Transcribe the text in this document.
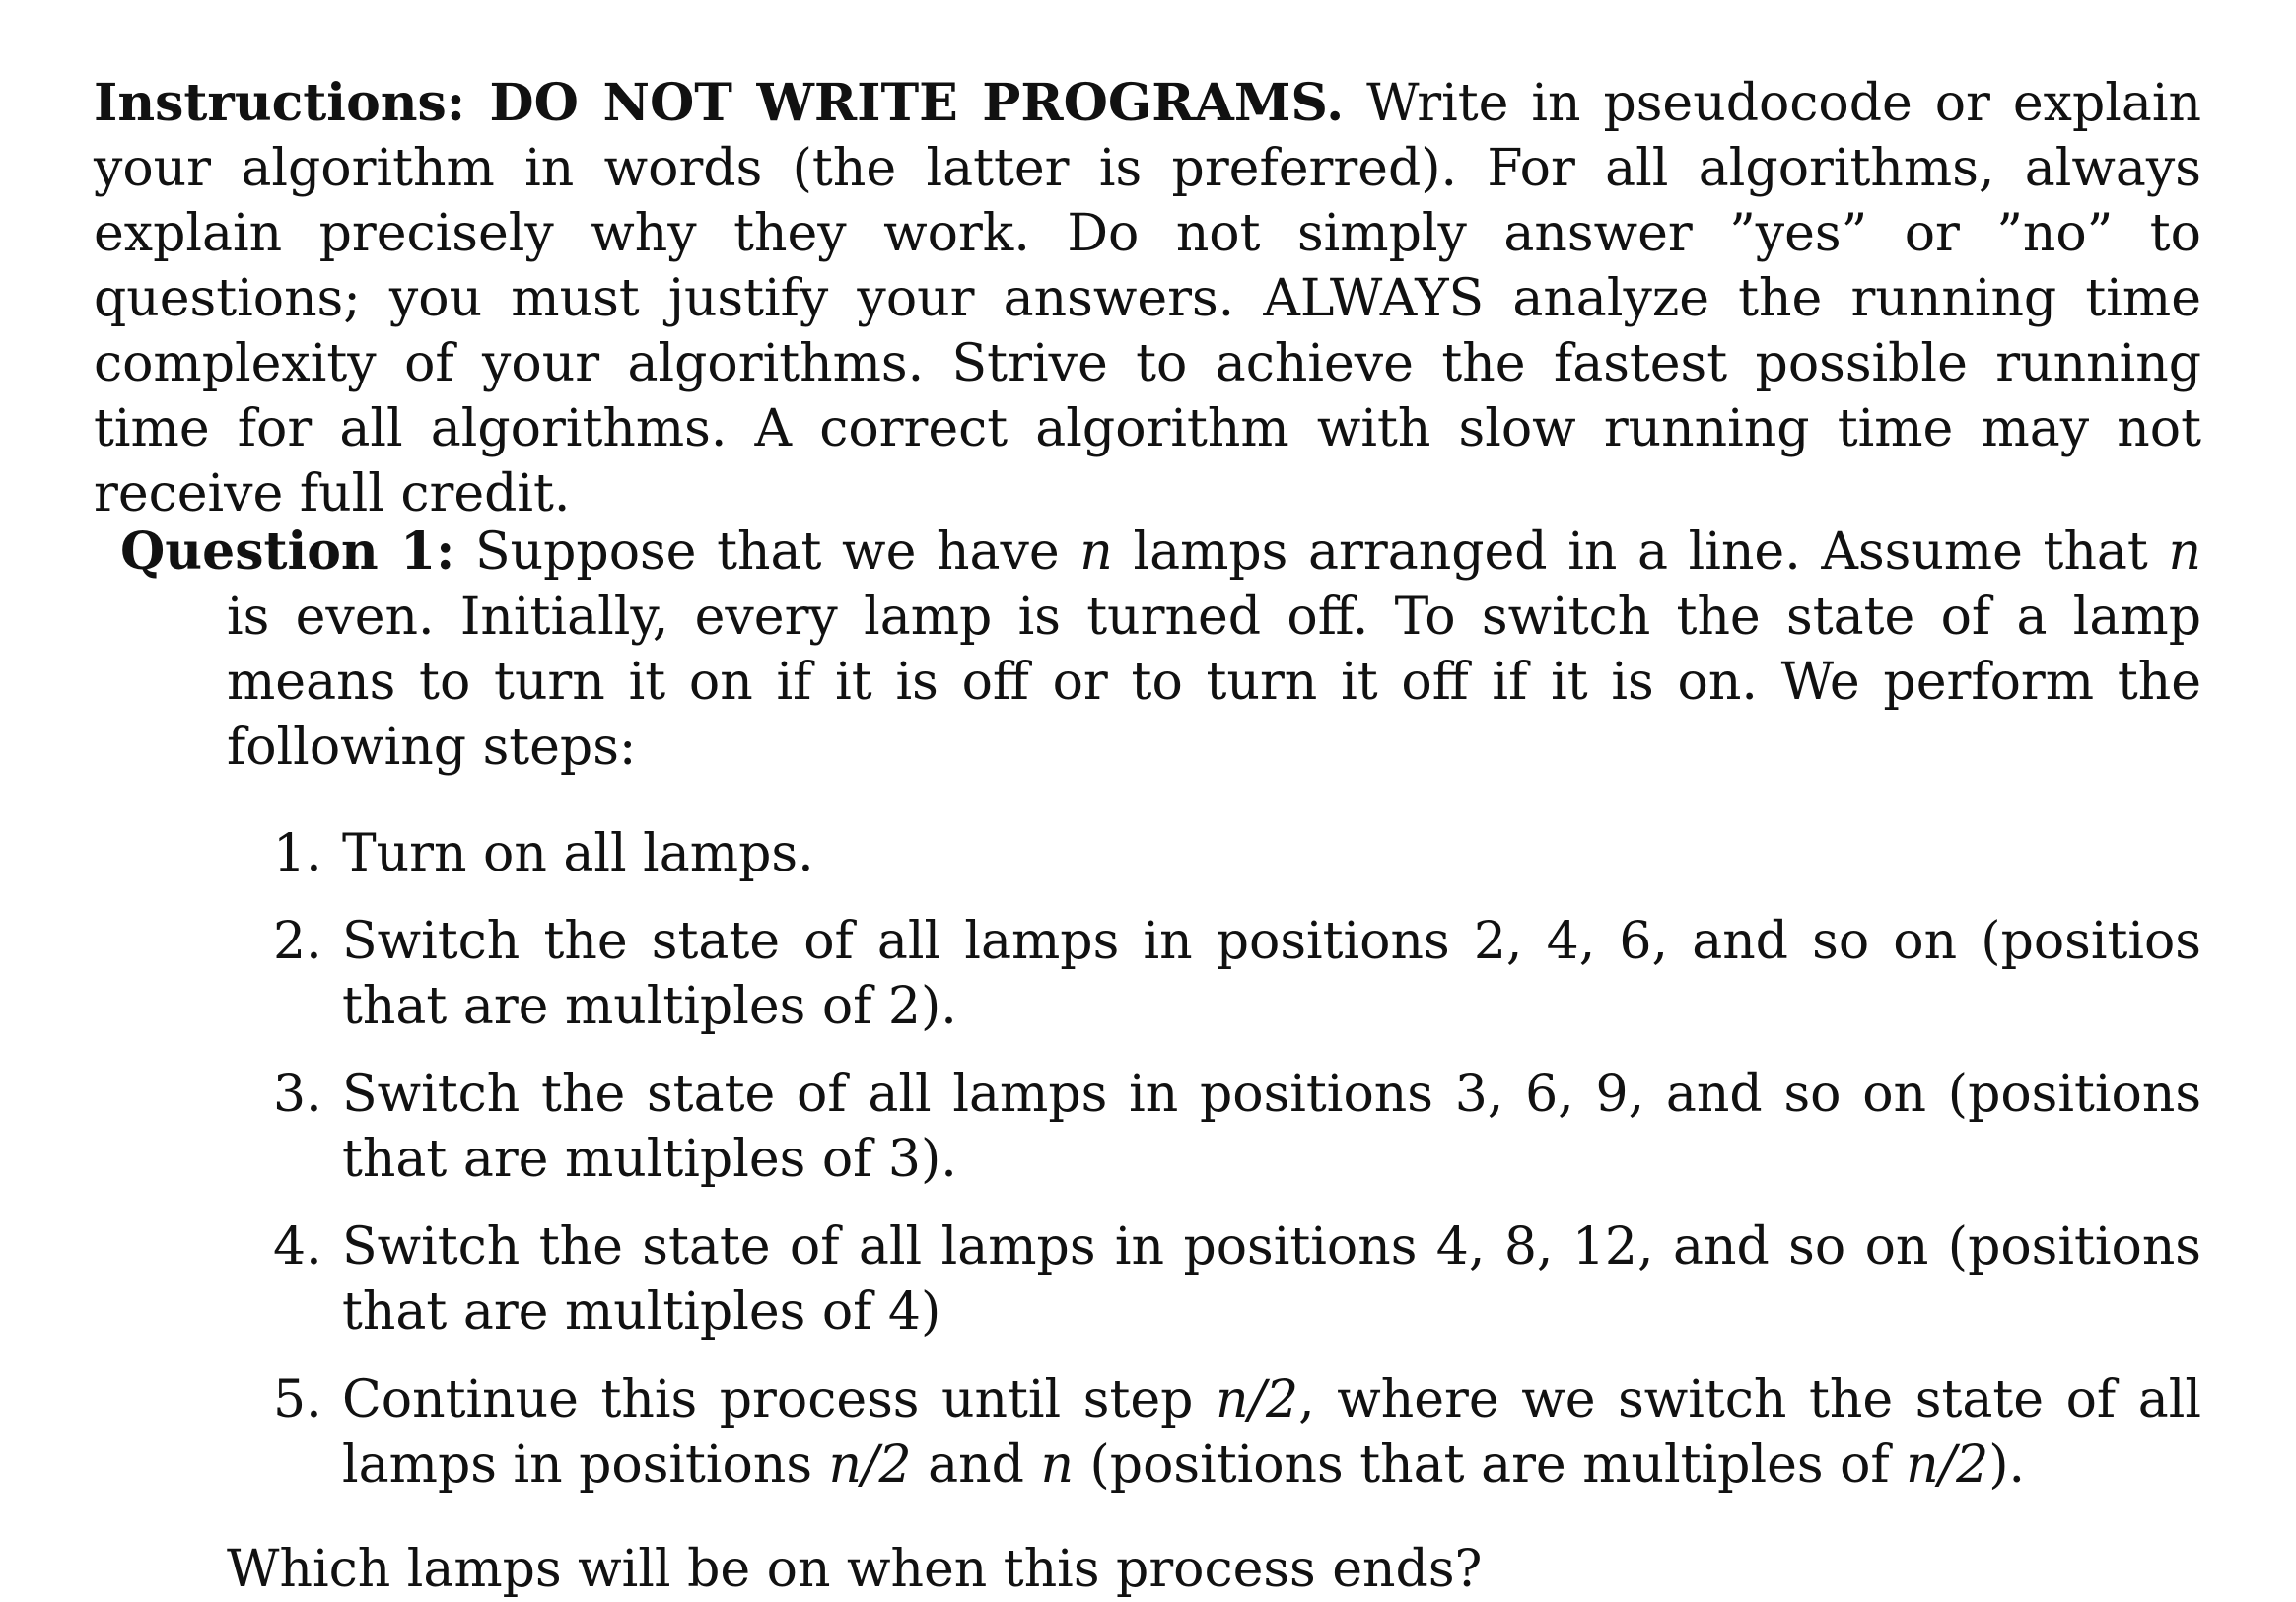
Instructions: DO NOT WRITE PROGRAMS. Write in pseudocode or explain your algorithm in words (the latter is preferred). For all algorithms, always explain precisely why they work. Do not simply answer ”yes” or ”no” to questions; you must justify your answers. ALWAYS analyze the running time complexity of your algorithms. Strive to achieve the fastest possible running time for all algorithms. A correct algorithm with slow running time may not receive full credit.

Question 1: Suppose that we have n lamps arranged in a line. Assume that n is even. Initially, every lamp is turned off. To switch the state of a lamp means to turn it on if it is off or to turn it off if it is on. We perform the following steps:

1. Turn on all lamps.
2. Switch the state of all lamps in positions 2, 4, 6, and so on (positios that are multiples of 2).
3. Switch the state of all lamps in positions 3, 6, 9, and so on (positions that are multiples of 3).
4. Switch the state of all lamps in positions 4, 8, 12, and so on (positions that are multiples of 4)
5. Continue this process until step n/2, where we switch the state of all lamps in positions n/2 and n (positions that are multiples of n/2).

Which lamps will be on when this process ends?
